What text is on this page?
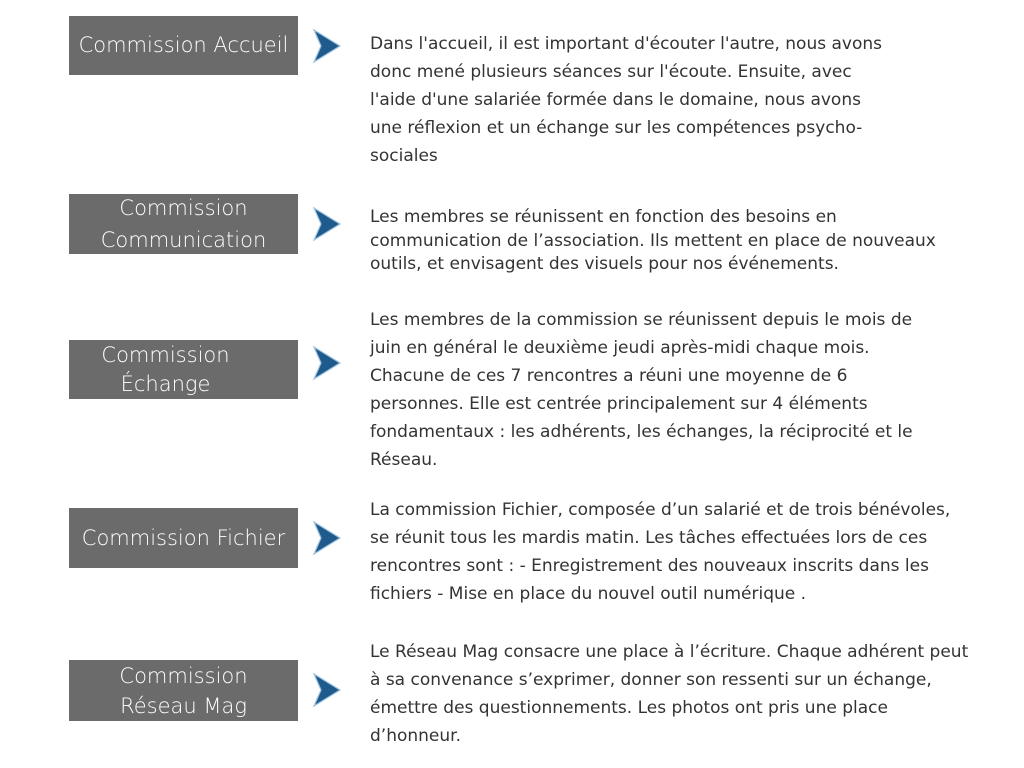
Commission Accueil	Dans l'accueil, il est important d'écouter l'autre, nous avons
donc mené plusieurs séances sur l'écoute. Ensuite, avec
l'aide d'une salariée formée dans le domaine, nous avons
une réflexion et un échange sur les compétences psycho-
sociales
Commission
Communication
Les membres se réunissent en fonction des besoins en
communication de l’association. Ils mettent en place de nouveaux
outils, et envisagent des visuels pour nos événements.
Commission
Échange
Les membres de la commission se réunissent depuis le mois de
juin en général le deuxième jeudi après-midi chaque mois.
Chacune de ces 7 rencontres a réuni une moyenne de 6
personnes. Elle est centrée principalement sur 4 éléments
fondamentaux : les adhérents, les échanges, la réciprocité et le
Réseau.
Commission Fichier
La commission Fichier, composée d’un salarié et de trois bénévoles,
se réunit tous les mardis matin. Les tâches effectuées lors de ces
rencontres sont : - Enregistrement des nouveaux inscrits dans les
fichiers - Mise en place du nouvel outil numérique .
Commission
Réseau Mag
Le Réseau Mag consacre une place à l’écriture. Chaque adhérent peut
à sa convenance s’exprimer, donner son ressenti sur un échange,
émettre des questionnements. Les photos ont pris une place
d’honneur.
